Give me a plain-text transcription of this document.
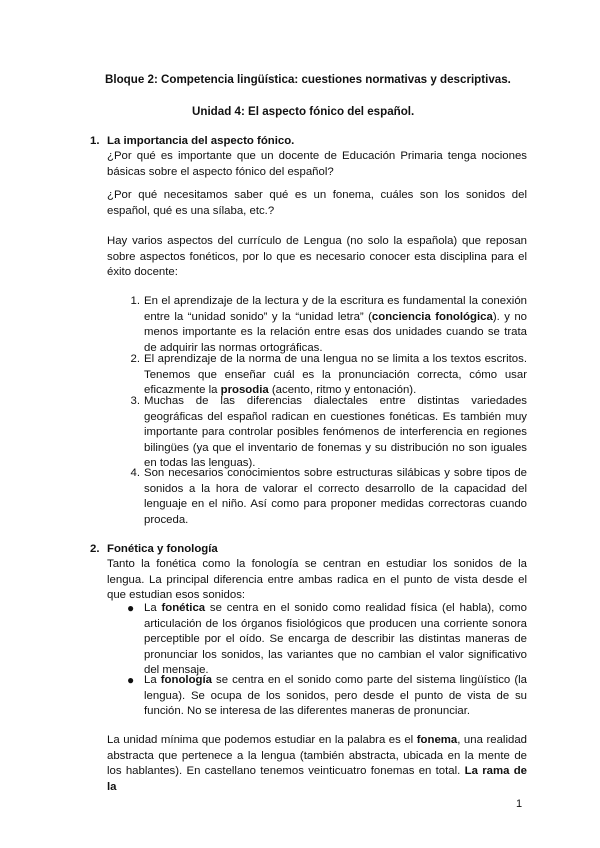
Bloque 2: Competencia lingüística: cuestiones normativas y descriptivas.
Unidad 4: El aspecto fónico del español.
1. La importancia del aspecto fónico.
¿Por qué es importante que un docente de Educación Primaria tenga nociones básicas sobre el aspecto fónico del español?
¿Por qué necesitamos saber qué es un fonema, cuáles son los sonidos del español, qué es una sílaba, etc.?
Hay varios aspectos del currículo de Lengua (no solo la española) que reposan sobre aspectos fonéticos, por lo que es necesario conocer esta disciplina para el éxito docente:
1. En el aprendizaje de la lectura y de la escritura es fundamental la conexión entre la “unidad sonido” y la “unidad letra” (conciencia fonológica). y no menos importante es la relación entre esas dos unidades cuando se trata de adquirir las normas ortográficas.
2. El aprendizaje de la norma de una lengua no se limita a los textos escritos. Tenemos que enseñar cuál es la pronunciación correcta, cómo usar eficazmente la prosodia (acento, ritmo y entonación).
3. Muchas de las diferencias dialectales entre distintas variedades geográficas del español radican en cuestiones fonéticas. Es también muy importante para controlar posibles fenómenos de interferencia en regiones bilingües (ya que el inventario de fonemas y su distribución no son iguales en todas las lenguas).
4. Son necesarios conocimientos sobre estructuras silábicas y sobre tipos de sonidos a la hora de valorar el correcto desarrollo de la capacidad del lenguaje en el niño. Así como para proponer medidas correctoras cuando proceda.
2. Fonética y fonología
Tanto la fonética como la fonología se centran en estudiar los sonidos de la lengua. La principal diferencia entre ambas radica en el punto de vista desde el que estudian esos sonidos:
● La fonética se centra en el sonido como realidad física (el habla), como articulación de los órganos fisiológicos que producen una corriente sonora perceptible por el oído. Se encarga de describir las distintas maneras de pronunciar los sonidos, las variantes que no cambian el valor significativo del mensaje.
● La fonología se centra en el sonido como parte del sistema lingüístico (la lengua). Se ocupa de los sonidos, pero desde el punto de vista de su función. No se interesa de las diferentes maneras de pronunciar.
La unidad mínima que podemos estudiar en la palabra es el fonema, una realidad abstracta que pertenece a la lengua (también abstracta, ubicada en la mente de los hablantes). En castellano tenemos veinticuatro fonemas en total. La rama de la
1
